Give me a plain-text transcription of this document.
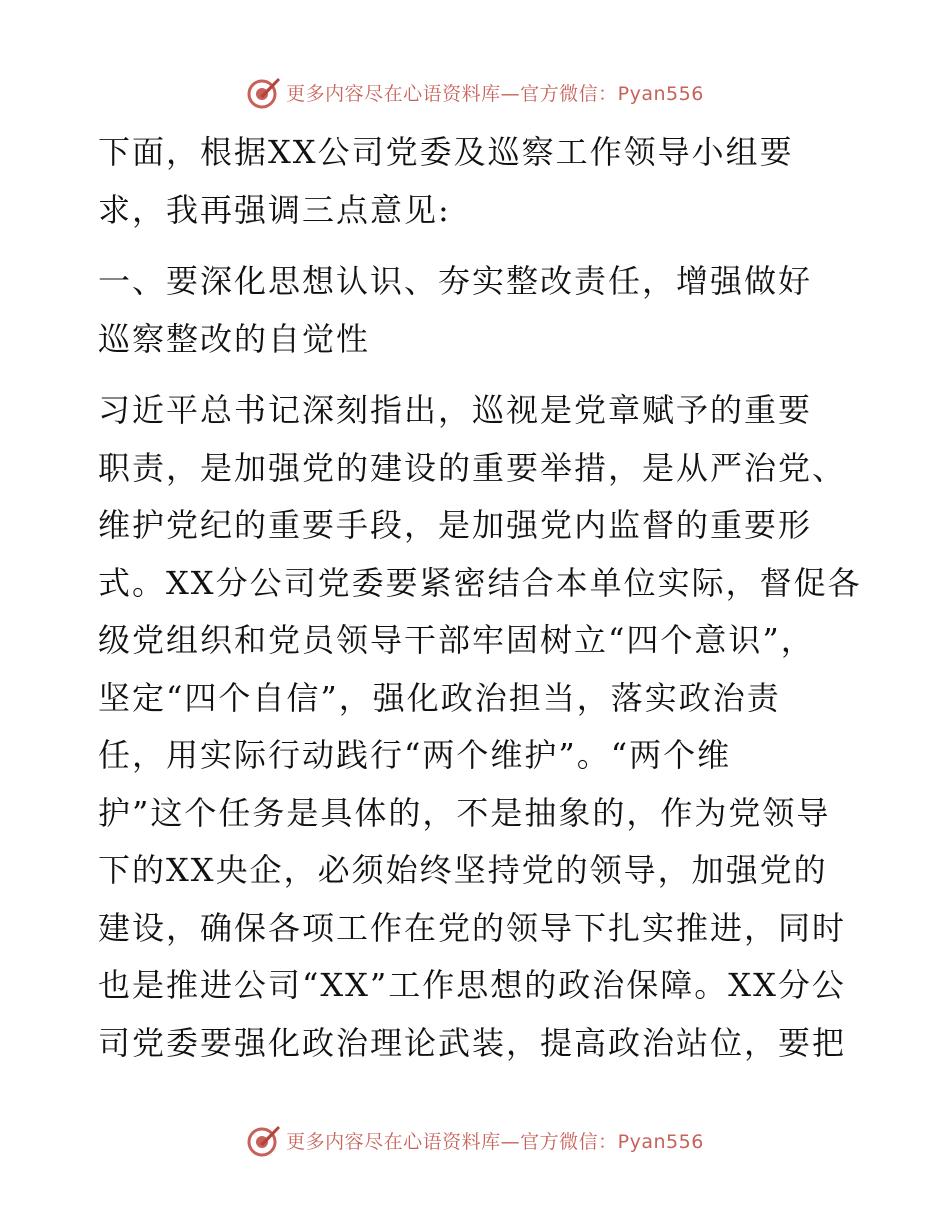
更多内容尽在心语资料库—官方微信：Pyan556

下面，根据XX公司党委及巡察工作领导小组要
求，我再强调三点意见:

一、要深化思想认识、夯实整改责任，增强做好
巡察整改的自觉性

习近平总书记深刻指出，巡视是党章赋予的重要
职责，是加强党的建设的重要举措，是从严治党、
维护党纪的重要手段，是加强党内监督的重要形
式。XX分公司党委要紧密结合本单位实际，督促各
级党组织和党员领导干部牢固树立“四个意识”，
坚定“四个自信”，强化政治担当，落实政治责
任，用实际行动践行“两个维护”。“两个维
护”这个任务是具体的，不是抽象的，作为党领导
下的XX央企，必须始终坚持党的领导，加强党的
建设，确保各项工作在党的领导下扎实推进，同时
也是推进公司“XX”工作思想的政治保障。XX分公
司党委要强化政治理论武装，提高政治站位，要把

更多内容尽在心语资料库—官方微信：Pyan556
